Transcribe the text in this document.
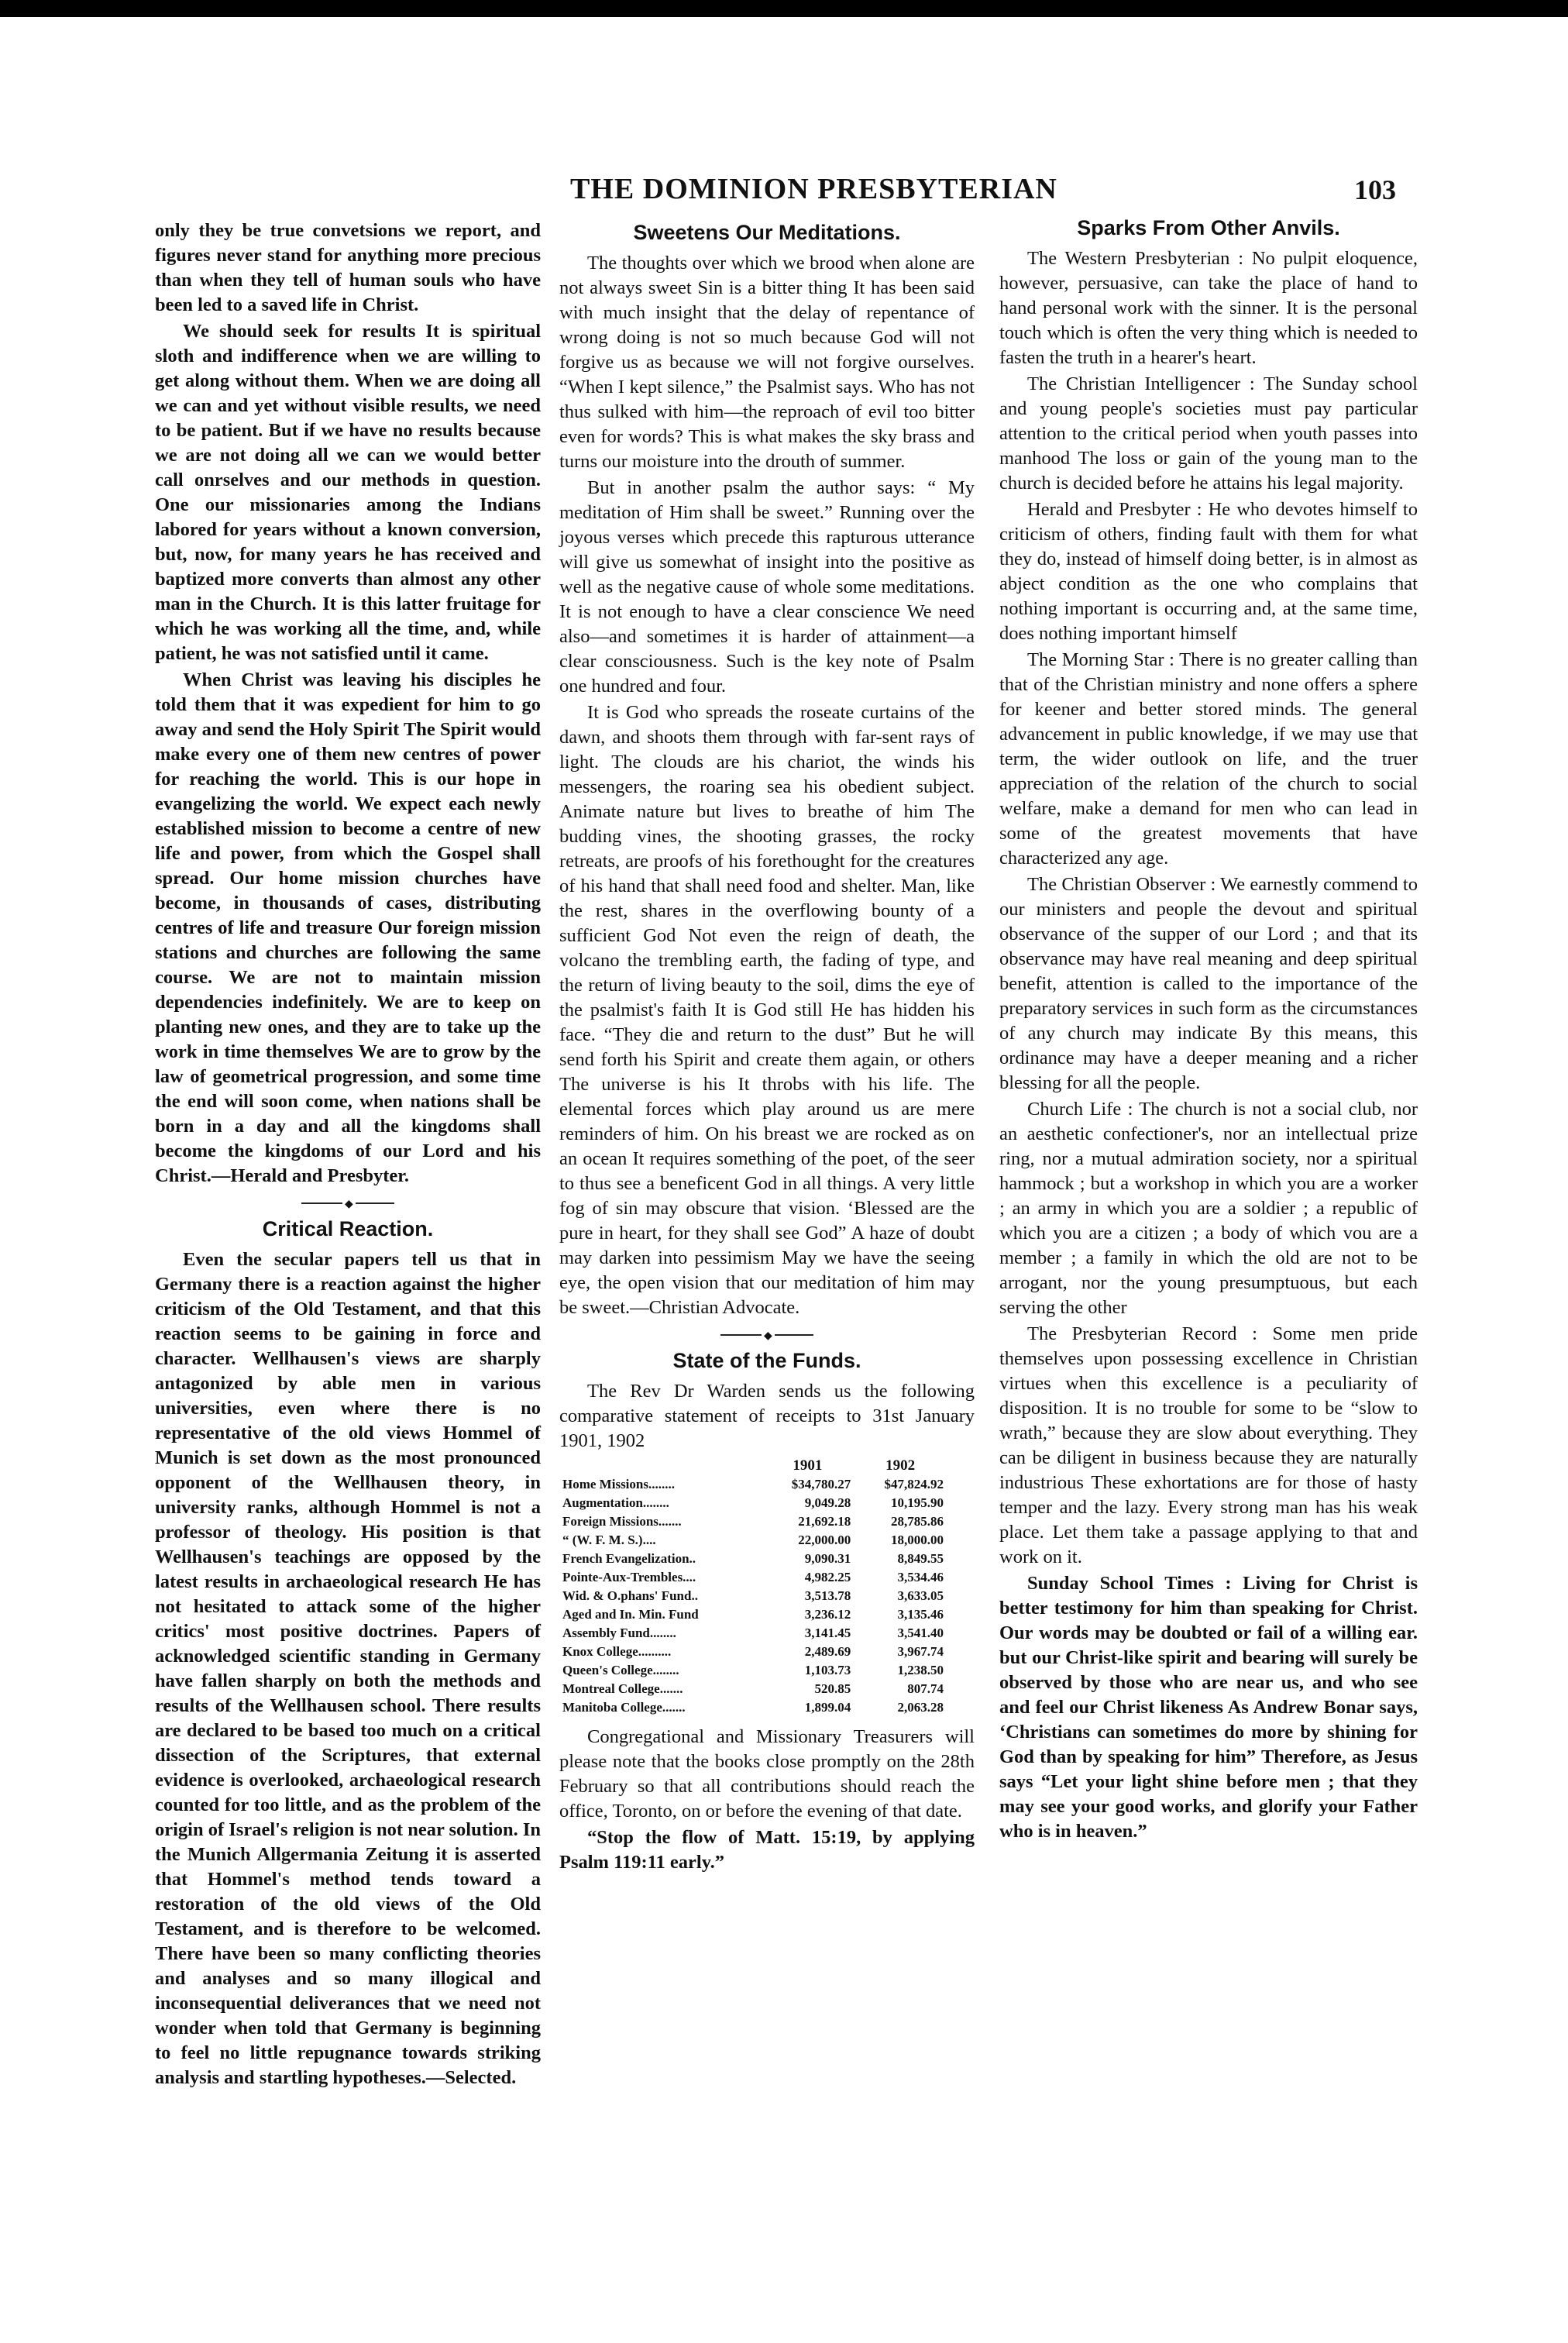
THE DOMINION PRESBYTERIAN	103

only they be true convetsions we report, and figures never stand for anything more precious than when they tell of human souls who have been led to a saved life in Christ.

We should seek for results It is spiritual sloth and indifference when we are willing to get along without them. When we are doing all we can and yet without visible results, we need to be patient. But if we have no results because we are not doing all we can we would better call onrselves and our methods in question. One our missionaries among the Indians labored for years without a known conversion, but, now, for many years he has received and baptized more converts than almost any other man in the Church. It is this latter fruitage for which he was working all the time, and, while patient, he was not satisfied until it came.

When Christ was leaving his disciples he told them that it was expedient for him to go away and send the Holy Spirit The Spirit would make every one of them new centres of power for reaching the world. This is our hope in evangelizing the world. We expect each newly established mission to become a centre of new life and power, from which the Gospel shall spread. Our home mission churches have become, in thousands of cases, distributing centres of life and treasure Our foreign mission stations and churches are following the same course. We are not to maintain mission dependencies indefinitely. We are to keep on planting new ones, and they are to take up the work in time themselves We are to grow by the law of geometrical progression, and some time the end will soon come, when nations shall be born in a day and all the kingdoms shall become the kingdoms of our Lord and his Christ.—Herald and Presbyter.

◆
Critical Reaction.

Even the secular papers tell us that in Germany there is a reaction against the higher criticism of the Old Testament, and that this reaction seems to be gaining in force and character. Wellhausen's views are sharply antagonized by able men in various universities, even where there is no representative of the old views Hommel of Munich is set down as the most pronounced opponent of the Wellhausen theory, in university ranks, although Hommel is not a professor of theology. His position is that Wellhausen's teachings are opposed by the latest results in archaeological research He has not hesitated to attack some of the higher critics' most positive doctrines. Papers of acknowledged scientific standing in Germany have fallen sharply on both the methods and results of the Wellhausen school. There results are declared to be based too much on a critical dissection of the Scriptures, that external evidence is overlooked, archaeological research counted for too little, and as the problem of the origin of Israel's religion is not near solution. In the Munich Allgermania Zeitung it is asserted that Hommel's method tends toward a restoration of the old views of the Old Testament, and is therefore to be welcomed. There have been so many conflicting theories and analyses and so many illogical and inconsequential deliverances that we need not wonder when told that Germany is beginning to feel no little repugnance towards striking analysis and startling hypotheses.—Selected.

Sweetens Our Meditations.

The thoughts over which we brood when alone are not always sweet Sin is a bitter thing It has been said with much insight that the delay of repentance of wrong doing is not so much because God will not forgive us as because we will not forgive ourselves. “When I kept silence,” the Psalmist says. Who has not thus sulked with him—the reproach of evil too bitter even for words? This is what makes the sky brass and turns our moisture into the drouth of summer.

But in another psalm the author says: “ My meditation of Him shall be sweet.” Running over the joyous verses which precede this rapturous utterance will give us somewhat of insight into the positive as well as the negative cause of whole some meditations. It is not enough to have a clear conscience We need also—and sometimes it is harder of attainment—a clear consciousness. Such is the key note of Psalm one hundred and four.

It is God who spreads the roseate curtains of the dawn, and shoots them through with far-sent rays of light. The clouds are his chariot, the winds his messengers, the roaring sea his obedient subject. Animate nature but lives to breathe of him The budding vines, the shooting grasses, the rocky retreats, are proofs of his forethought for the creatures of his hand that shall need food and shelter. Man, like the rest, shares in the overflowing bounty of a sufficient God Not even the reign of death, the volcano the trembling earth, the fading of type, and the return of living beauty to the soil, dims the eye of the psalmist's faith It is God still He has hidden his face. “They die and return to the dust” But he will send forth his Spirit and create them again, or others The universe is his It throbs with his life. The elemental forces which play around us are mere reminders of him. On his breast we are rocked as on an ocean It requires something of the poet, of the seer to thus see a beneficent God in all things. A very little fog of sin may obscure that vision. ‘Blessed are the pure in heart, for they shall see God” A haze of doubt may darken into pessimism May we have the seeing eye, the open vision that our meditation of him may be sweet.—Christian Advocate.

◆
State of the Funds.

The Rev Dr Warden sends us the following comparative statement of receipts to 31st January 1901, 1902

	1901	1902
Home Missions........	$34,780.27	$47,824.92
Augmentation........	9,049.28	10,195.90
Foreign Missions.......	21,692.18	28,785.86
“ (W. F. M. S.)....	22,000.00	18,000.00
French Evangelization..	9,090.31	8,849.55
Pointe-Aux-Trembles....	4,982.25	3,534.46
Wid. & O.phans' Fund..	3,513.78	3,633.05
Aged and In. Min. Fund	3,236.12	3,135.46
Assembly Fund........	3,141.45	3,541.40
Knox College..........	2,489.69	3,967.74
Queen's College........	1,103.73	1,238.50
Montreal College.......	520.85	807.74
Manitoba College.......	1,899.04	2,063.28

Congregational and Missionary Treasurers will please note that the books close promptly on the 28th February so that all contributions should reach the office, Toronto, on or before the evening of that date.

“Stop the flow of Matt. 15:19, by applying Psalm 119:11 early.”

Sparks From Other Anvils.

The Western Presbyterian : No pulpit eloquence, however, persuasive, can take the place of hand to hand personal work with the sinner. It is the personal touch which is often the very thing which is needed to fasten the truth in a hearer's heart.

The Christian Intelligencer : The Sunday school and young people's societies must pay particular attention to the critical period when youth passes into manhood The loss or gain of the young man to the church is decided before he attains his legal majority.

Herald and Presbyter : He who devotes himself to criticism of others, finding fault with them for what they do, instead of himself doing better, is in almost as abject condition as the one who complains that nothing important is occurring and, at the same time, does nothing important himself

The Morning Star : There is no greater calling than that of the Christian ministry and none offers a sphere for keener and better stored minds. The general advancement in public knowledge, if we may use that term, the wider outlook on life, and the truer appreciation of the relation of the church to social welfare, make a demand for men who can lead in some of the greatest movements that have characterized any age.

The Christian Observer : We earnestly commend to our ministers and people the devout and spiritual observance of the supper of our Lord ; and that its observance may have real meaning and deep spiritual benefit, attention is called to the importance of the preparatory services in such form as the circumstances of any church may indicate By this means, this ordinance may have a deeper meaning and a richer blessing for all the people.

Church Life : The church is not a social club, nor an aesthetic confectioner's, nor an intellectual prize ring, nor a mutual admiration society, nor a spiritual hammock ; but a workshop in which you are a worker ; an army in which you are a soldier ; a republic of which you are a citizen ; a body of which vou are a member ; a family in which the old are not to be arrogant, nor the young presumptuous, but each serving the other

The Presbyterian Record : Some men pride themselves upon possessing excellence in Christian virtues when this excellence is a peculiarity of disposition. It is no trouble for some to be “slow to wrath,” because they are slow about everything. They can be diligent in business because they are naturally industrious These exhortations are for those of hasty temper and the lazy. Every strong man has his weak place. Let them take a passage applying to that and work on it.

Sunday School Times : Living for Christ is better testimony for him than speaking for Christ. Our words may be doubted or fail of a willing ear. but our Christ-like spirit and bearing will surely be observed by those who are near us, and who see and feel our Christ likeness As Andrew Bonar says, ‘Christians can sometimes do more by shining for God than by speaking for him” Therefore, as Jesus says “Let your light shine before men ; that they may see your good works, and glorify your Father who is in heaven.”
